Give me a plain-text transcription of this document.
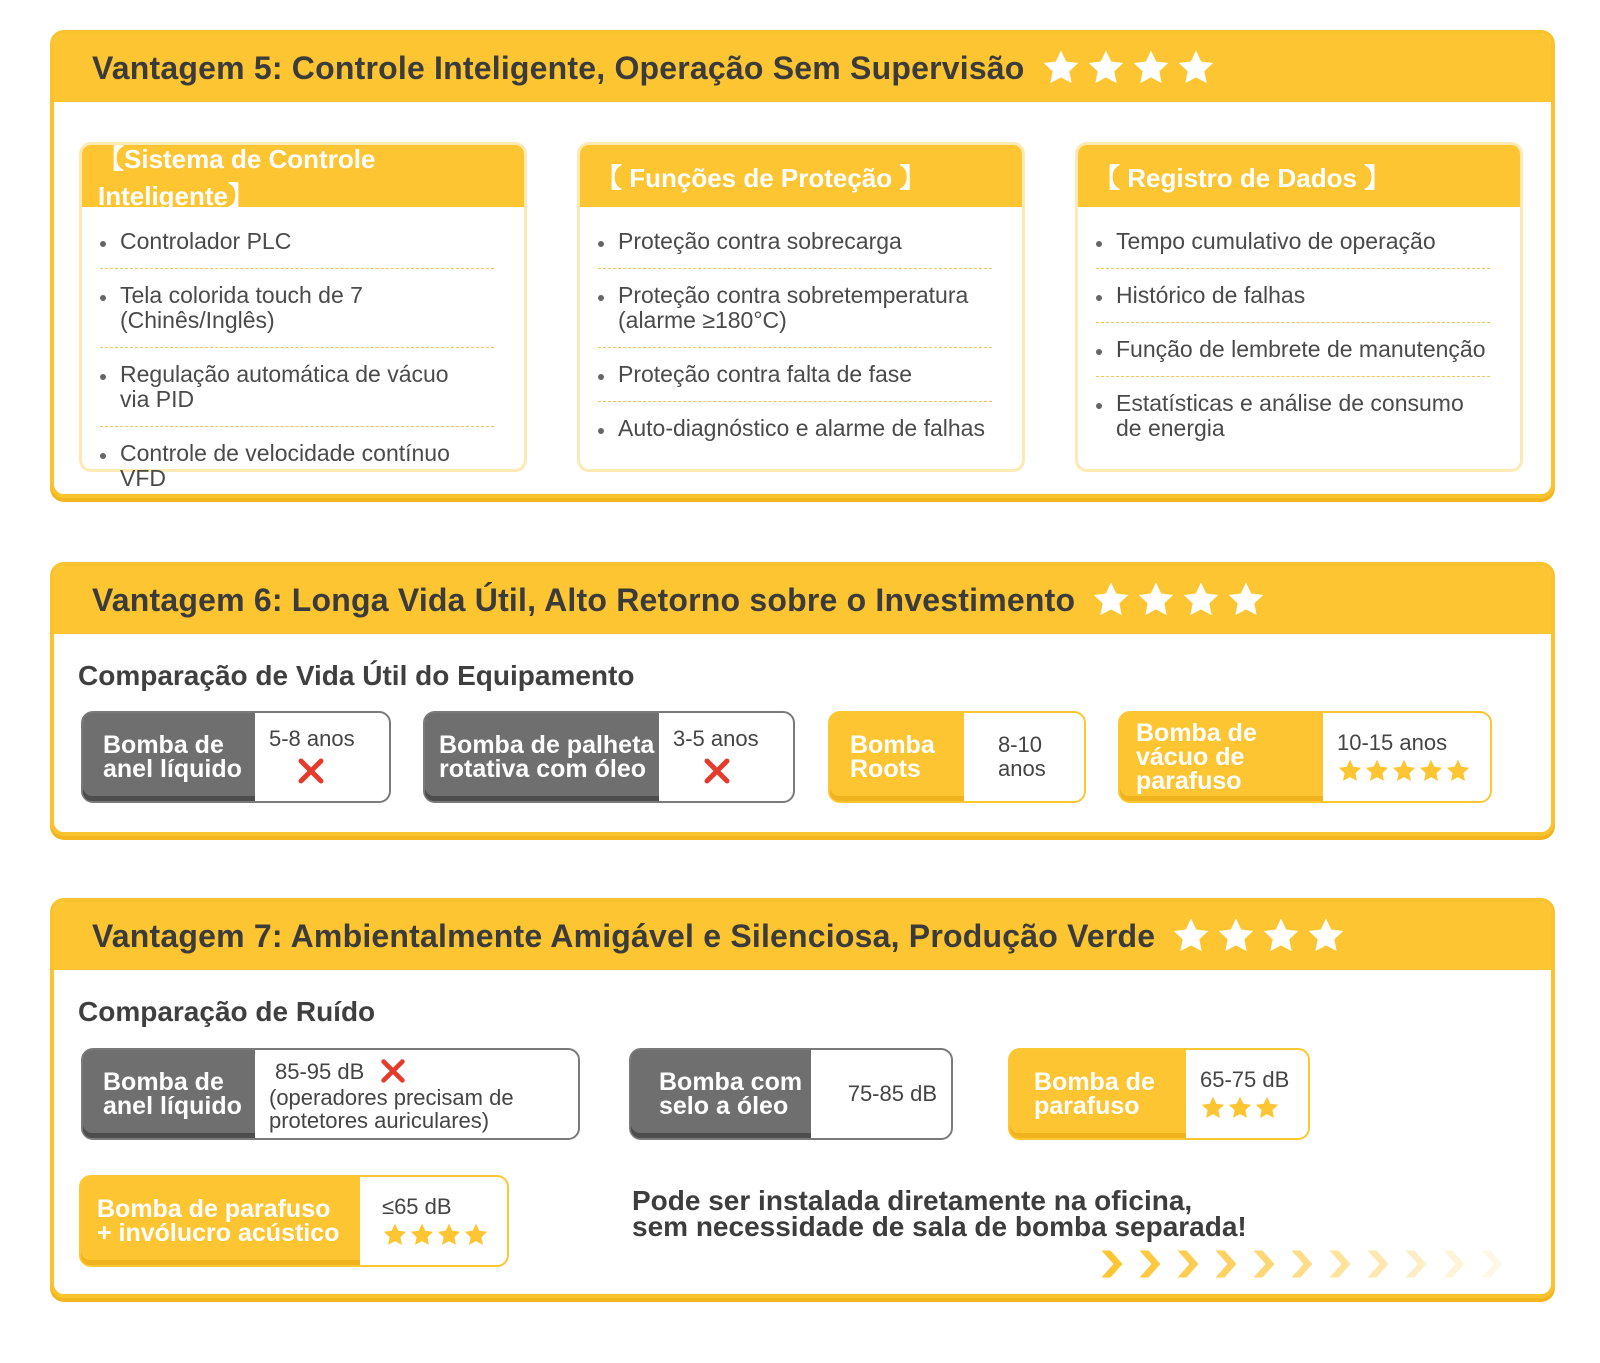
Vantagem 5: Controle Inteligente, Operação Sem Supervisão
【Sistema de Controle Inteligente】
Controlador PLC
Tela colorida touch de 7 (Chinês/Inglês)
Regulação automática de vácuo via PID
Controle de velocidade contínuo VFD
【 Funções de Proteção 】
Proteção contra sobrecarga
Proteção contra sobretemperatura (alarme ≥180°C)
Proteção contra falta de fase
Auto-diagnóstico e alarme de falhas
【 Registro de Dados 】
Tempo cumulativo de operação
Histórico de falhas
Função de lembrete de manutenção
Estatísticas e análise de consumo de energia
Vantagem 6: Longa Vida Útil, Alto Retorno sobre o Investimento
Comparação de Vida Útil do Equipamento
Bomba de anel líquido
5-8 anos	Bomba de palheta rotativa com óleo
3-5 anos	Bomba Roots
8-10 anos
Bomba de vácuo de parafuso
10-15 anos
Vantagem 7: Ambientalmente Amigável e Silenciosa, Produção Verde
Comparação de Ruído
Bomba de anel líquido
85-95 dB
(operadores precisam de protetores auriculares)
Bomba com selo a óleo	75-85 dB	Bomba de parafuso
65-75 dB
Bomba de parafuso + invólucro acústico
≤65 dB	Pode ser instalada diretamente na oficina,
sem necessidade de sala de bomba separada!
